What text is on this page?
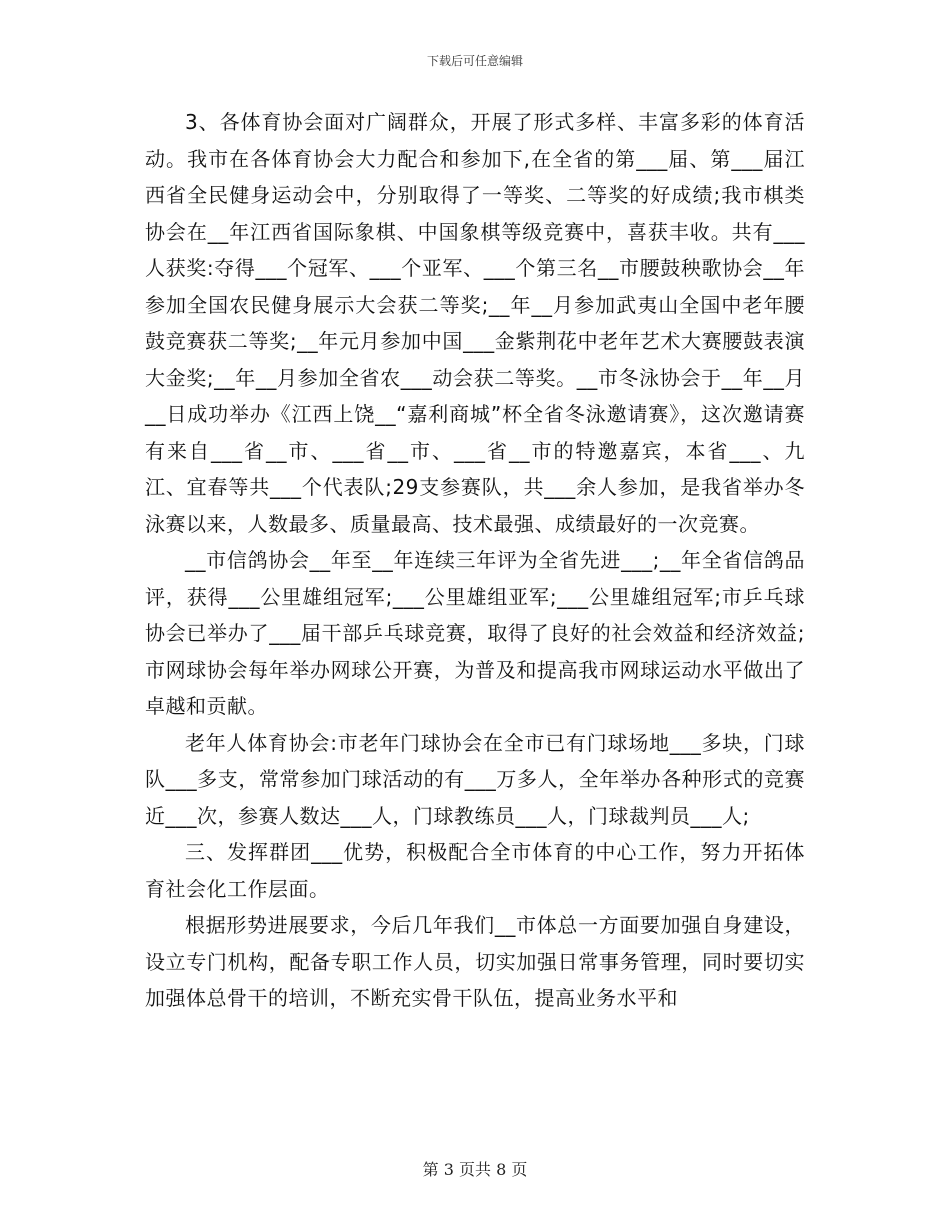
下载后可任意编辑

3、各体育协会面对广阔群众，开展了形式多样、丰富多彩的体育活动。我市在各体育协会大力配合和参加下,在全省的第___届、第___届江西省全民健身运动会中，分别取得了一等奖、二等奖的好成绩;我市棋类协会在__年江西省国际象棋、中国象棋等级竞赛中，喜获丰收。共有___人获奖:夺得___个冠军、___个亚军、___个第三名__市腰鼓秧歌协会__年参加全国农民健身展示大会获二等奖;__年__月参加武夷山全国中老年腰鼓竞赛获二等奖;__年元月参加中国___金紫荆花中老年艺术大赛腰鼓表演大金奖;__年__月参加全省农___动会获二等奖。__市冬泳协会于__年__月__日成功举办《江西上饶__“嘉利商城”杯全省冬泳邀请赛》，这次邀请赛有来自___省__市、___省__市、___省__市的特邀嘉宾，本省___、九江、宜春等共___个代表队;29支参赛队，共___余人参加，是我省举办冬泳赛以来，人数最多、质量最高、技术最强、成绩最好的一次竞赛。

__市信鸽协会__年至__年连续三年评为全省先进___;__年全省信鸽品评，获得___公里雄组冠军;___公里雄组亚军;___公里雄组冠军;市乒乓球协会已举办了___届干部乒乓球竞赛，取得了良好的社会效益和经济效益;市网球协会每年举办网球公开赛，为普及和提高我市网球运动水平做出了卓越和贡献。

老年人体育协会:市老年门球协会在全市已有门球场地___多块，门球队___多支，常常参加门球活动的有___万多人，全年举办各种形式的竞赛近___次，参赛人数达___人，门球教练员___人，门球裁判员___人;

三、发挥群团___优势，积极配合全市体育的中心工作，努力开拓体育社会化工作层面。

根据形势进展要求，今后几年我们__市体总一方面要加强自身建设，设立专门机构，配备专职工作人员，切实加强日常事务管理，同时要切实加强体总骨干的培训，不断充实骨干队伍，提高业务水平和

第 3 页共 8 页
